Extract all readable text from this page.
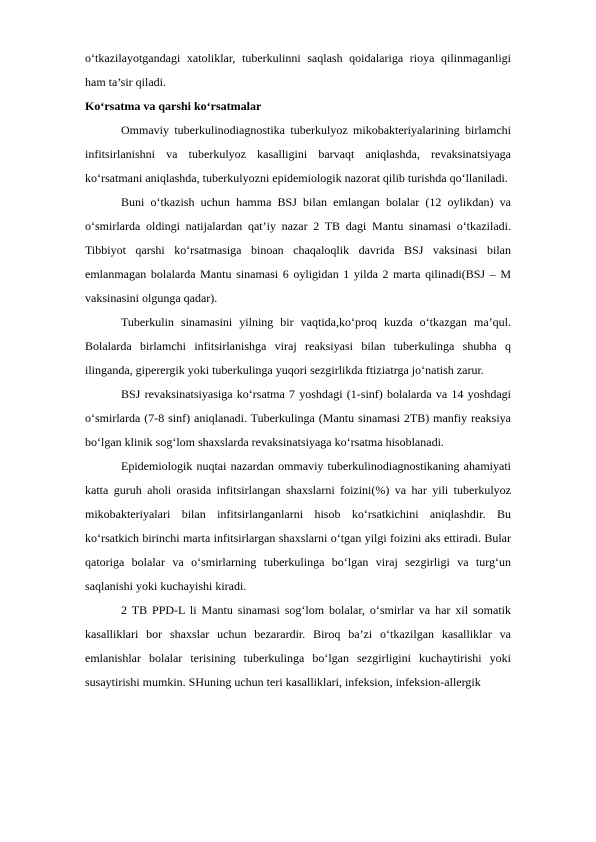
o‘tkazilayotgandagi xatoliklar, tuberkulinni saqlash qoidalariga rioya qilinmaganligi ham ta’sir qiladi.

Ko‘rsatma va qarshi ko‘rsatmalar

Ommaviy tuberkulinodiagnostika tuberkulyoz mikobakteriyalarining birlamchi infitsirlanishni va tuberkulyoz kasalligini barvaqt aniqlashda, revaksinatsiyaga ko‘rsatmani aniqlashda, tuberkulyozni epidemiologik nazorat qilib turishda qo‘llaniladi.

Buni o‘tkazish uchun hamma BSJ bilan emlangan bolalar (12 oylikdan) va o‘smirlarda oldingi natijalardan qat’iy nazar 2 TB dagi Mantu sinamasi o‘tkaziladi. Tibbiyot qarshi ko‘rsatmasiga binoan chaqaloqlik davrida BSJ vaksinasi bilan emlanmagan bolalarda Mantu sinamasi 6 oyligidan 1 yilda 2 marta qilinadi(BSJ – M vaksinasini olgunga qadar).

Tuberkulin sinamasini yilning bir vaqtida,ko‘proq kuzda o‘tkazgan ma’qul. Bolalarda birlamchi infitsirlanishga viraj reaksiyasi bilan tuberkulinga shubha q ilinganda, giperergik yoki tuberkulinga yuqori sezgirlikda ftiziatrga jo‘natish zarur.

BSJ revaksinatsiyasiga ko‘rsatma 7 yoshdagi (1-sinf) bolalarda va 14 yoshdagi o‘smirlarda (7-8 sinf) aniqlanadi. Tuberkulinga (Mantu sinamasi 2TB) manfiy reaksiya bo‘lgan klinik sog‘lom shaxslarda revaksinatsiyaga ko‘rsatma hisoblanadi.

Epidemiologik nuqtai nazardan ommaviy tuberkulinodiagnostikaning ahamiyati katta guruh aholi orasida infitsirlangan shaxslarni foizini(%) va har yili tuberkulyoz mikobakteriyalari bilan infitsirlanganlarni hisob ko‘rsatkichini aniqlashdir. Bu ko‘rsatkich birinchi marta infitsirlargan shaxslarni o‘tgan yilgi foizini aks ettiradi. Bular qatoriga bolalar va o‘smirlarning tuberkulinga bo‘lgan viraj sezgirligi va turg‘un saqlanishi yoki kuchayishi kiradi.

2 TB PPD-L li Mantu sinamasi sog‘lom bolalar, o‘smirlar va har xil somatik kasalliklari bor shaxslar uchun bezarardir. Biroq ba’zi o‘tkazilgan kasalliklar va emlanishlar bolalar terisining tuberkulinga bo‘lgan sezgirligini kuchaytirishi yoki susaytirishi mumkin. SHuning uchun teri kasalliklari, infeksion, infeksion-allergik
